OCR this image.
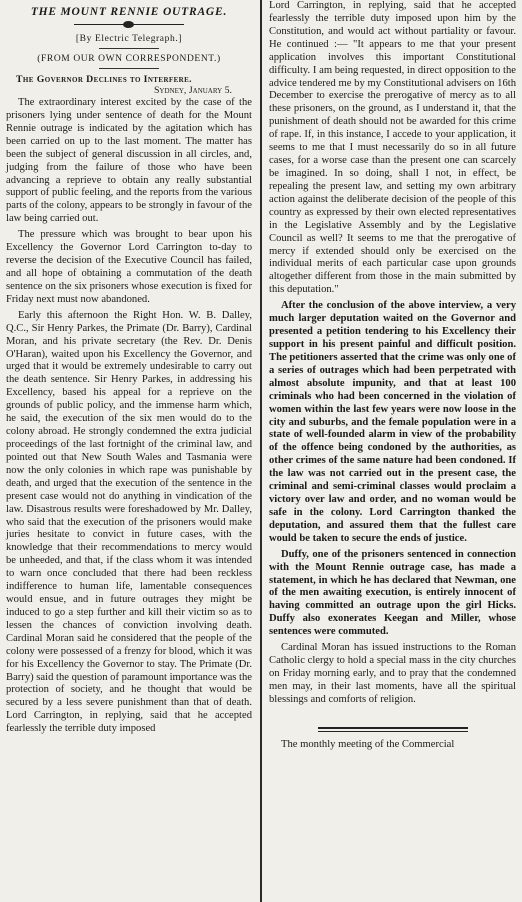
THE MOUNT RENNIE OUTRAGE.
[By Electric Telegraph.]
(FROM OUR OWN CORRESPONDENT.)
The Governor Declines to Interfere.
Sydney, January 5.

The extraordinary interest excited by the case of the prisoners lying under sentence of death for the Mount Rennie outrage is indicated by the agitation which has been carried on up to the last moment. The matter has been the subject of general discussion in all circles, and, judging from the failure of those who have been advancing a reprieve to obtain any really substantial support of public feeling, and the reports from the various parts of the colony, appears to be strongly in favour of the law being carried out.

The pressure which was brought to bear upon his Excellency the Governor Lord Carrington to-day to reverse the decision of the Executive Council has failed, and all hope of obtaining a commutation of the death sentence on the six prisoners whose execution is fixed for Friday next must now abandoned.

Early this afternoon the Right Hon. W. B. Dalley, Q.C., Sir Henry Parkes, the Primate (Dr. Barry), Cardinal Moran, and his private secretary (the Rev. Dr. Denis O'Haran), waited upon his Excellency the Governor, and urged that it would be extremely undesirable to carry out the death sentence. Sir Henry Parkes, in addressing his Excellency, based his appeal for a reprieve on the grounds of public policy, and the immense harm which, he said, the execution of the six men would do to the colony abroad. He strongly condemned the extra judicial proceedings of the last fortnight of the criminal law, and pointed out that New South Wales and Tasmania were now the only colonies in which rape was punishable by death, and urged that the execution of the sentence in the present case would not do anything in vindication of the law. Disastrous results were foreshadowed by Mr. Dalley, who said that the execution of the prisoners would make juries hesitate to convict in future cases, with the knowledge that their recommendations to mercy would be unheeded, and that, if the class whom it was intended to warn once concluded that there had been reckless indifference to human life, lamentable consequences would ensue, and in future outrages they might be induced to go a step further and kill their victim so as to lessen the chances of conviction involving death. Cardinal Moran said he considered that the people of the colony were possessed of a frenzy for blood, which it was for his Excellency the Governor to stay. The Primate (Dr. Barry) said the question of paramount importance was the protection of society, and he thought that would be secured by a less severe punishment than that of death. Lord Carrington, in replying, said that he accepted fearlessly the terrible duty imposed

Lord Carrington, in replying, said that he accepted fearlessly the terrible duty imposed upon him by the Constitution, and would act without partiality or favour. He continued :— "It appears to me that your present application involves this important Constitutional difficulty. I am being requested, in direct opposition to the advice tendered me by my Constitutional advisers on 16th December to exercise the prerogative of mercy as to all these prisoners, on the ground, as I understand it, that the punishment of death should not be awarded for this crime of rape. If, in this instance, I accede to your application, it seems to me that I must necessarily do so in all future cases, for a worse case than the present one can scarcely be imagined. In so doing, shall I not, in effect, be repealing the present law, and setting my own arbitrary action against the deliberate decision of the people of this country as expressed by their own elected representatives in the Legislative Assembly and by the Legislative Council as well? It seems to me that the prerogative of mercy if extended should only be exercised on the individual merits of each particular case upon grounds altogether different from those in the main submitted by this deputation."

After the conclusion of the above interview, a very much larger deputation waited on the Governor and presented a petition tendering to his Excellency their support in his present painful and difficult position. The petitioners asserted that the crime was only one of a series of outrages which had been perpetrated with almost absolute impunity, and that at least 100 criminals who had been concerned in the violation of women within the last few years were now loose in the city and suburbs, and the female population were in a state of well-founded alarm in view of the probability of the offence being condoned by the authorities, as other crimes of the same nature had been condoned. If the law was not carried out in the present case, the criminal and semi-criminal classes would proclaim a victory over law and order, and no woman would be safe in the colony. Lord Carrington thanked the deputation, and assured them that the fullest care would be taken to secure the ends of justice.

Duffy, one of the prisoners sentenced in connection with the Mount Rennie outrage case, has made a statement, in which he has declared that Newman, one of the men awaiting execution, is entirely innocent of having committed an outrage upon the girl Hicks. Duffy also exonerates Keegan and Miller, whose sentences were commuted.

Cardinal Moran has issued instructions to the Roman Catholic clergy to hold a special mass in the city churches on Friday morning early, and to pray that the condemned men may, in their last moments, have all the spiritual blessings and comforts of religion.

The monthly meeting of the Commercial
